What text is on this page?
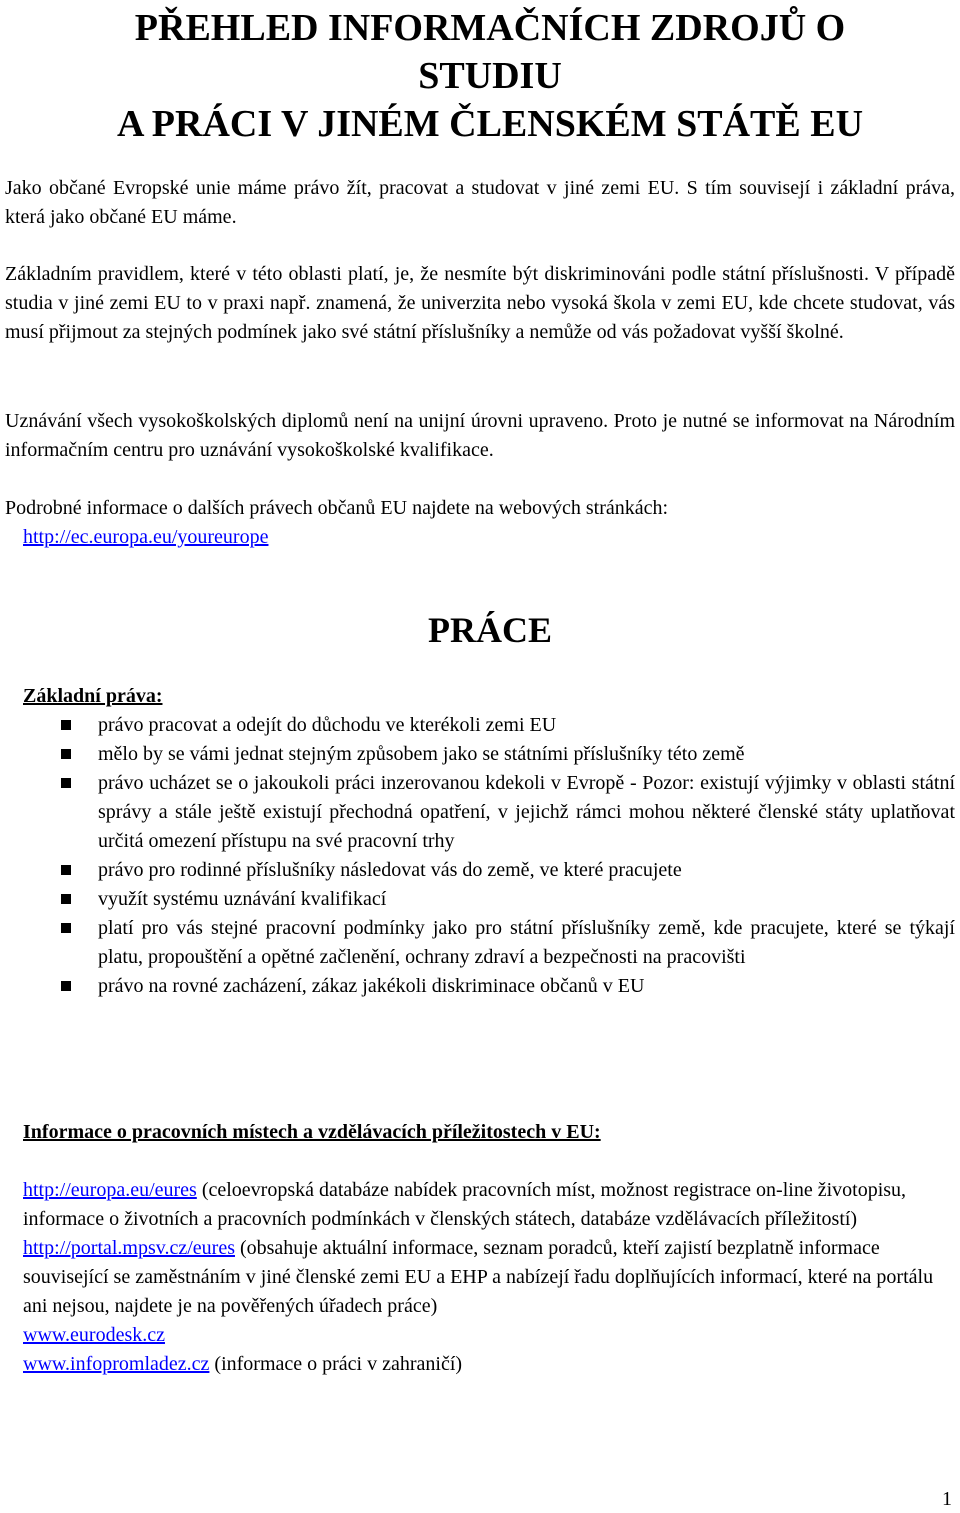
PŘEHLED INFORMAČNÍCH ZDROJŮ O
STUDIU
A PRÁCI V JINÉM ČLENSKÉM STÁTĚ EU

Jako občané Evropské unie máme právo žít, pracovat a studovat v jiné zemi EU. S tím souvisejí i základní práva, která jako občané EU máme.

Základním pravidlem, které v této oblasti platí, je, že nesmíte být diskriminováni podle státní příslušnosti. V případě studia v jiné zemi EU to v praxi např. znamená, že univerzita nebo vysoká škola v zemi EU, kde chcete studovat, vás musí přijmout za stejných podmínek jako své státní příslušníky a nemůže od vás požadovat vyšší školné.

Uznávání všech vysokoškolských diplomů není na unijní úrovni upraveno. Proto je nutné se informovat na Národním informačním centru pro uznávání vysokoškolské kvalifikace.

Podrobné informace o dalších právech občanů EU najdete na webových stránkách:

http://ec.europa.eu/youreurope
PRÁCE
Základní práva:
právo pracovat a odejít do důchodu ve kterékoli zemi EU
mělo by se vámi jednat stejným způsobem jako se státními příslušníky této země
právo ucházet se o jakoukoli práci inzerovanou kdekoli v Evropě - Pozor: existují výjimky v oblasti státní správy a stále ještě existují přechodná opatření, v jejichž rámci mohou některé členské státy uplatňovat určitá omezení přístupu na své pracovní trhy
právo pro rodinné příslušníky následovat vás do země, ve které pracujete
využít systému uznávání kvalifikací
platí pro vás stejné pracovní podmínky jako pro státní příslušníky země, kde pracujete, které se týkají platu, propouštění a opětné začlenění, ochrany zdraví a bezpečnosti na pracovišti
právo na rovné zacházení, zákaz jakékoli diskriminace občanů v EU
Informace o pracovních místech a vzdělávacích příležitostech v EU:

http://europa.eu/eures (celoevropská databáze nabídek pracovních míst, možnost registrace on-line životopisu, informace o životních a pracovních podmínkách v členských státech, databáze vzdělávacích příležitostí)

http://portal.mpsv.cz/eures (obsahuje aktuální informace, seznam poradců, kteří zajistí bezplatně informace související se zaměstnáním v jiné členské zemi EU a EHP a nabízejí řadu doplňujících informací, které na portálu ani nejsou, najdete je na pověřených úřadech práce)

www.eurodesk.cz

www.infopromladez.cz (informace o práci v zahraničí)

1
